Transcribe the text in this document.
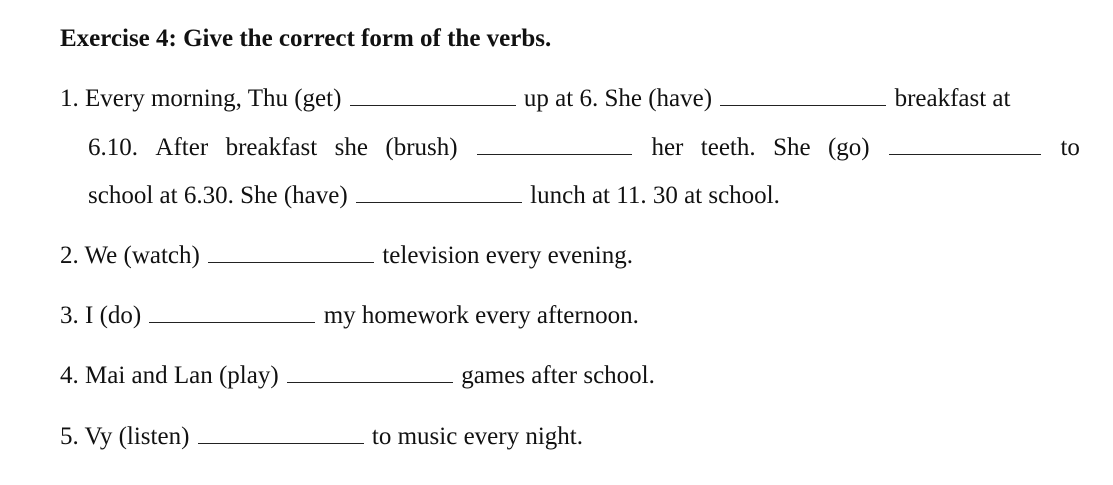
Exercise 4: Give the correct form of the verbs.
1. Every morning, Thu (get)	up at 6. She (have)	breakfast at
6.10. After breakfast she (brush)	her teeth. She (go)	to
school at 6.30. She (have)	lunch at 11. 30 at school.
2. We (watch)	television every evening.
3. I (do)	my homework every afternoon.
4. Mai and Lan (play)	games after school.
5. Vy (listen)	to music every night.
